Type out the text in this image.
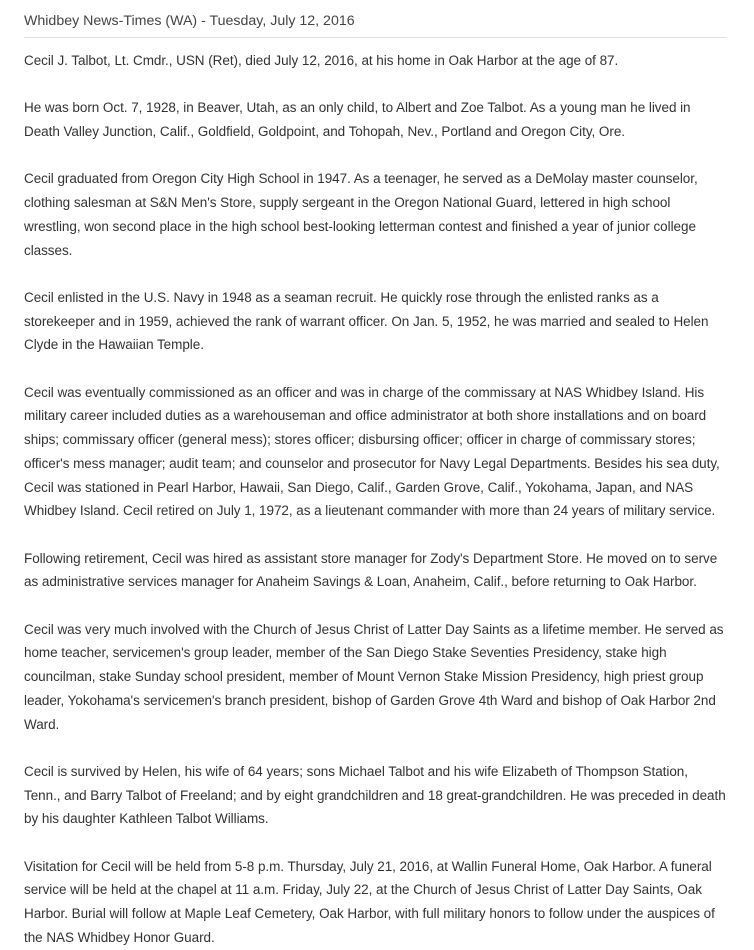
Whidbey News-Times (WA) - Tuesday, July 12, 2016

Cecil J. Talbot, Lt. Cmdr., USN (Ret), died July 12, 2016, at his home in Oak Harbor at the age of 87.

He was born Oct. 7, 1928, in Beaver, Utah, as an only child, to Albert and Zoe Talbot. As a young man he lived in Death Valley Junction, Calif., Goldfield, Goldpoint, and Tohopah, Nev., Portland and Oregon City, Ore.

Cecil graduated from Oregon City High School in 1947. As a teenager, he served as a DeMolay master counselor, clothing salesman at S&N Men's Store, supply sergeant in the Oregon National Guard, lettered in high school wrestling, won second place in the high school best-looking letterman contest and finished a year of junior college classes.

Cecil enlisted in the U.S. Navy in 1948 as a seaman recruit. He quickly rose through the enlisted ranks as a storekeeper and in 1959, achieved the rank of warrant officer. On Jan. 5, 1952, he was married and sealed to Helen Clyde in the Hawaiian Temple.

Cecil was eventually commissioned as an officer and was in charge of the commissary at NAS Whidbey Island. His military career included duties as a warehouseman and office administrator at both shore installations and on board ships; commissary officer (general mess); stores officer; disbursing officer; officer in charge of commissary stores; officer's mess manager; audit team; and counselor and prosecutor for Navy Legal Departments. Besides his sea duty, Cecil was stationed in Pearl Harbor, Hawaii, San Diego, Calif., Garden Grove, Calif., Yokohama, Japan, and NAS Whidbey Island. Cecil retired on July 1, 1972, as a lieutenant commander with more than 24 years of military service.

Following retirement, Cecil was hired as assistant store manager for Zody's Department Store. He moved on to serve as administrative services manager for Anaheim Savings & Loan, Anaheim, Calif., before returning to Oak Harbor.

Cecil was very much involved with the Church of Jesus Christ of Latter Day Saints as a lifetime member. He served as home teacher, servicemen's group leader, member of the San Diego Stake Seventies Presidency, stake high councilman, stake Sunday school president, member of Mount Vernon Stake Mission Presidency, high priest group leader, Yokohama's servicemen's branch president, bishop of Garden Grove 4th Ward and bishop of Oak Harbor 2nd Ward.

Cecil is survived by Helen, his wife of 64 years; sons Michael Talbot and his wife Elizabeth of Thompson Station, Tenn., and Barry Talbot of Freeland; and by eight grandchildren and 18 great-grandchildren. He was preceded in death by his daughter Kathleen Talbot Williams.

Visitation for Cecil will be held from 5-8 p.m. Thursday, July 21, 2016, at Wallin Funeral Home, Oak Harbor. A funeral service will be held at the chapel at 11 a.m. Friday, July 22, at the Church of Jesus Christ of Latter Day Saints, Oak Harbor. Burial will follow at Maple Leaf Cemetery, Oak Harbor, with full military honors to follow under the auspices of the NAS Whidbey Honor Guard.
